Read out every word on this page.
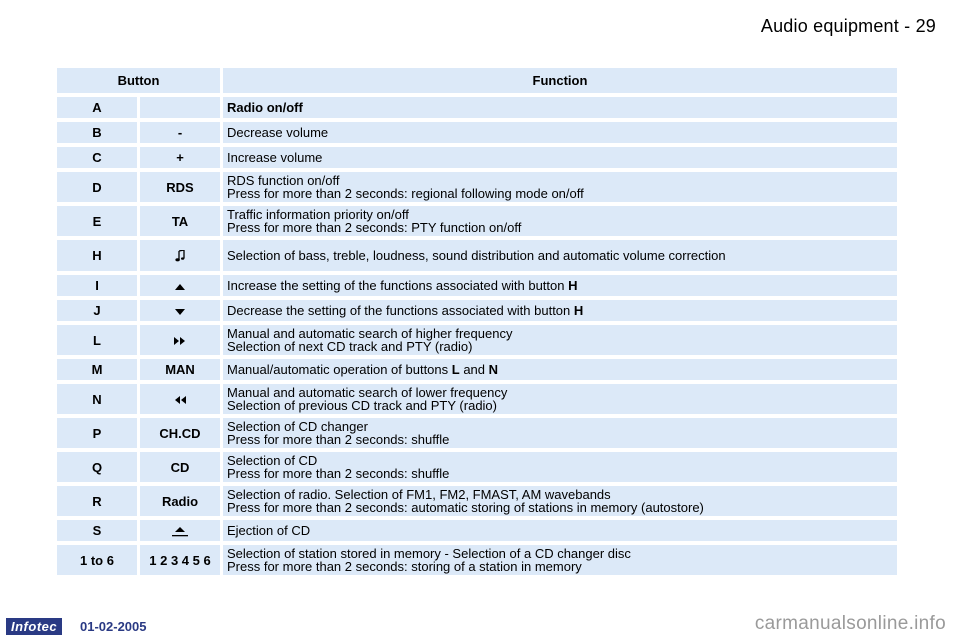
Audio equipment - 29
Button		Function
A		Radio on/off

B	-	Decrease volume

C	+	Increase volume

D	RDS	RDS function on/off
Press for more than 2 seconds: regional following mode on/off

E	TA	Traffic information priority on/off
Press for more than 2 seconds: PTY function on/off

H		Selection of bass, treble, loudness, sound distribution and automatic volume correction

I		Increase the setting of the functions associated with button H

J		Decrease the setting of the functions associated with button H

L		Manual and automatic search of higher frequency
Selection of next CD track and PTY (radio)

M	MAN	Manual/automatic operation of buttons L and N

N		Manual and automatic search of lower frequency
Selection of previous CD track and PTY (radio)

P	CH.CD	Selection of CD changer
Press for more than 2 seconds: shuffle

Q	CD	Selection of CD
Press for more than 2 seconds: shuffle

R	Radio	Selection of radio. Selection of FM1, FM2, FMAST, AM wavebands
Press for more than 2 seconds: automatic storing of stations in memory (autostore)

S		Ejection of CD

1 to 6	1 2 3 4 5 6	Selection of station stored in memory - Selection of a CD changer disc
Press for more than 2 seconds: storing of a station in memory
Infotec	01-02-2005	carmanualsonline.info
